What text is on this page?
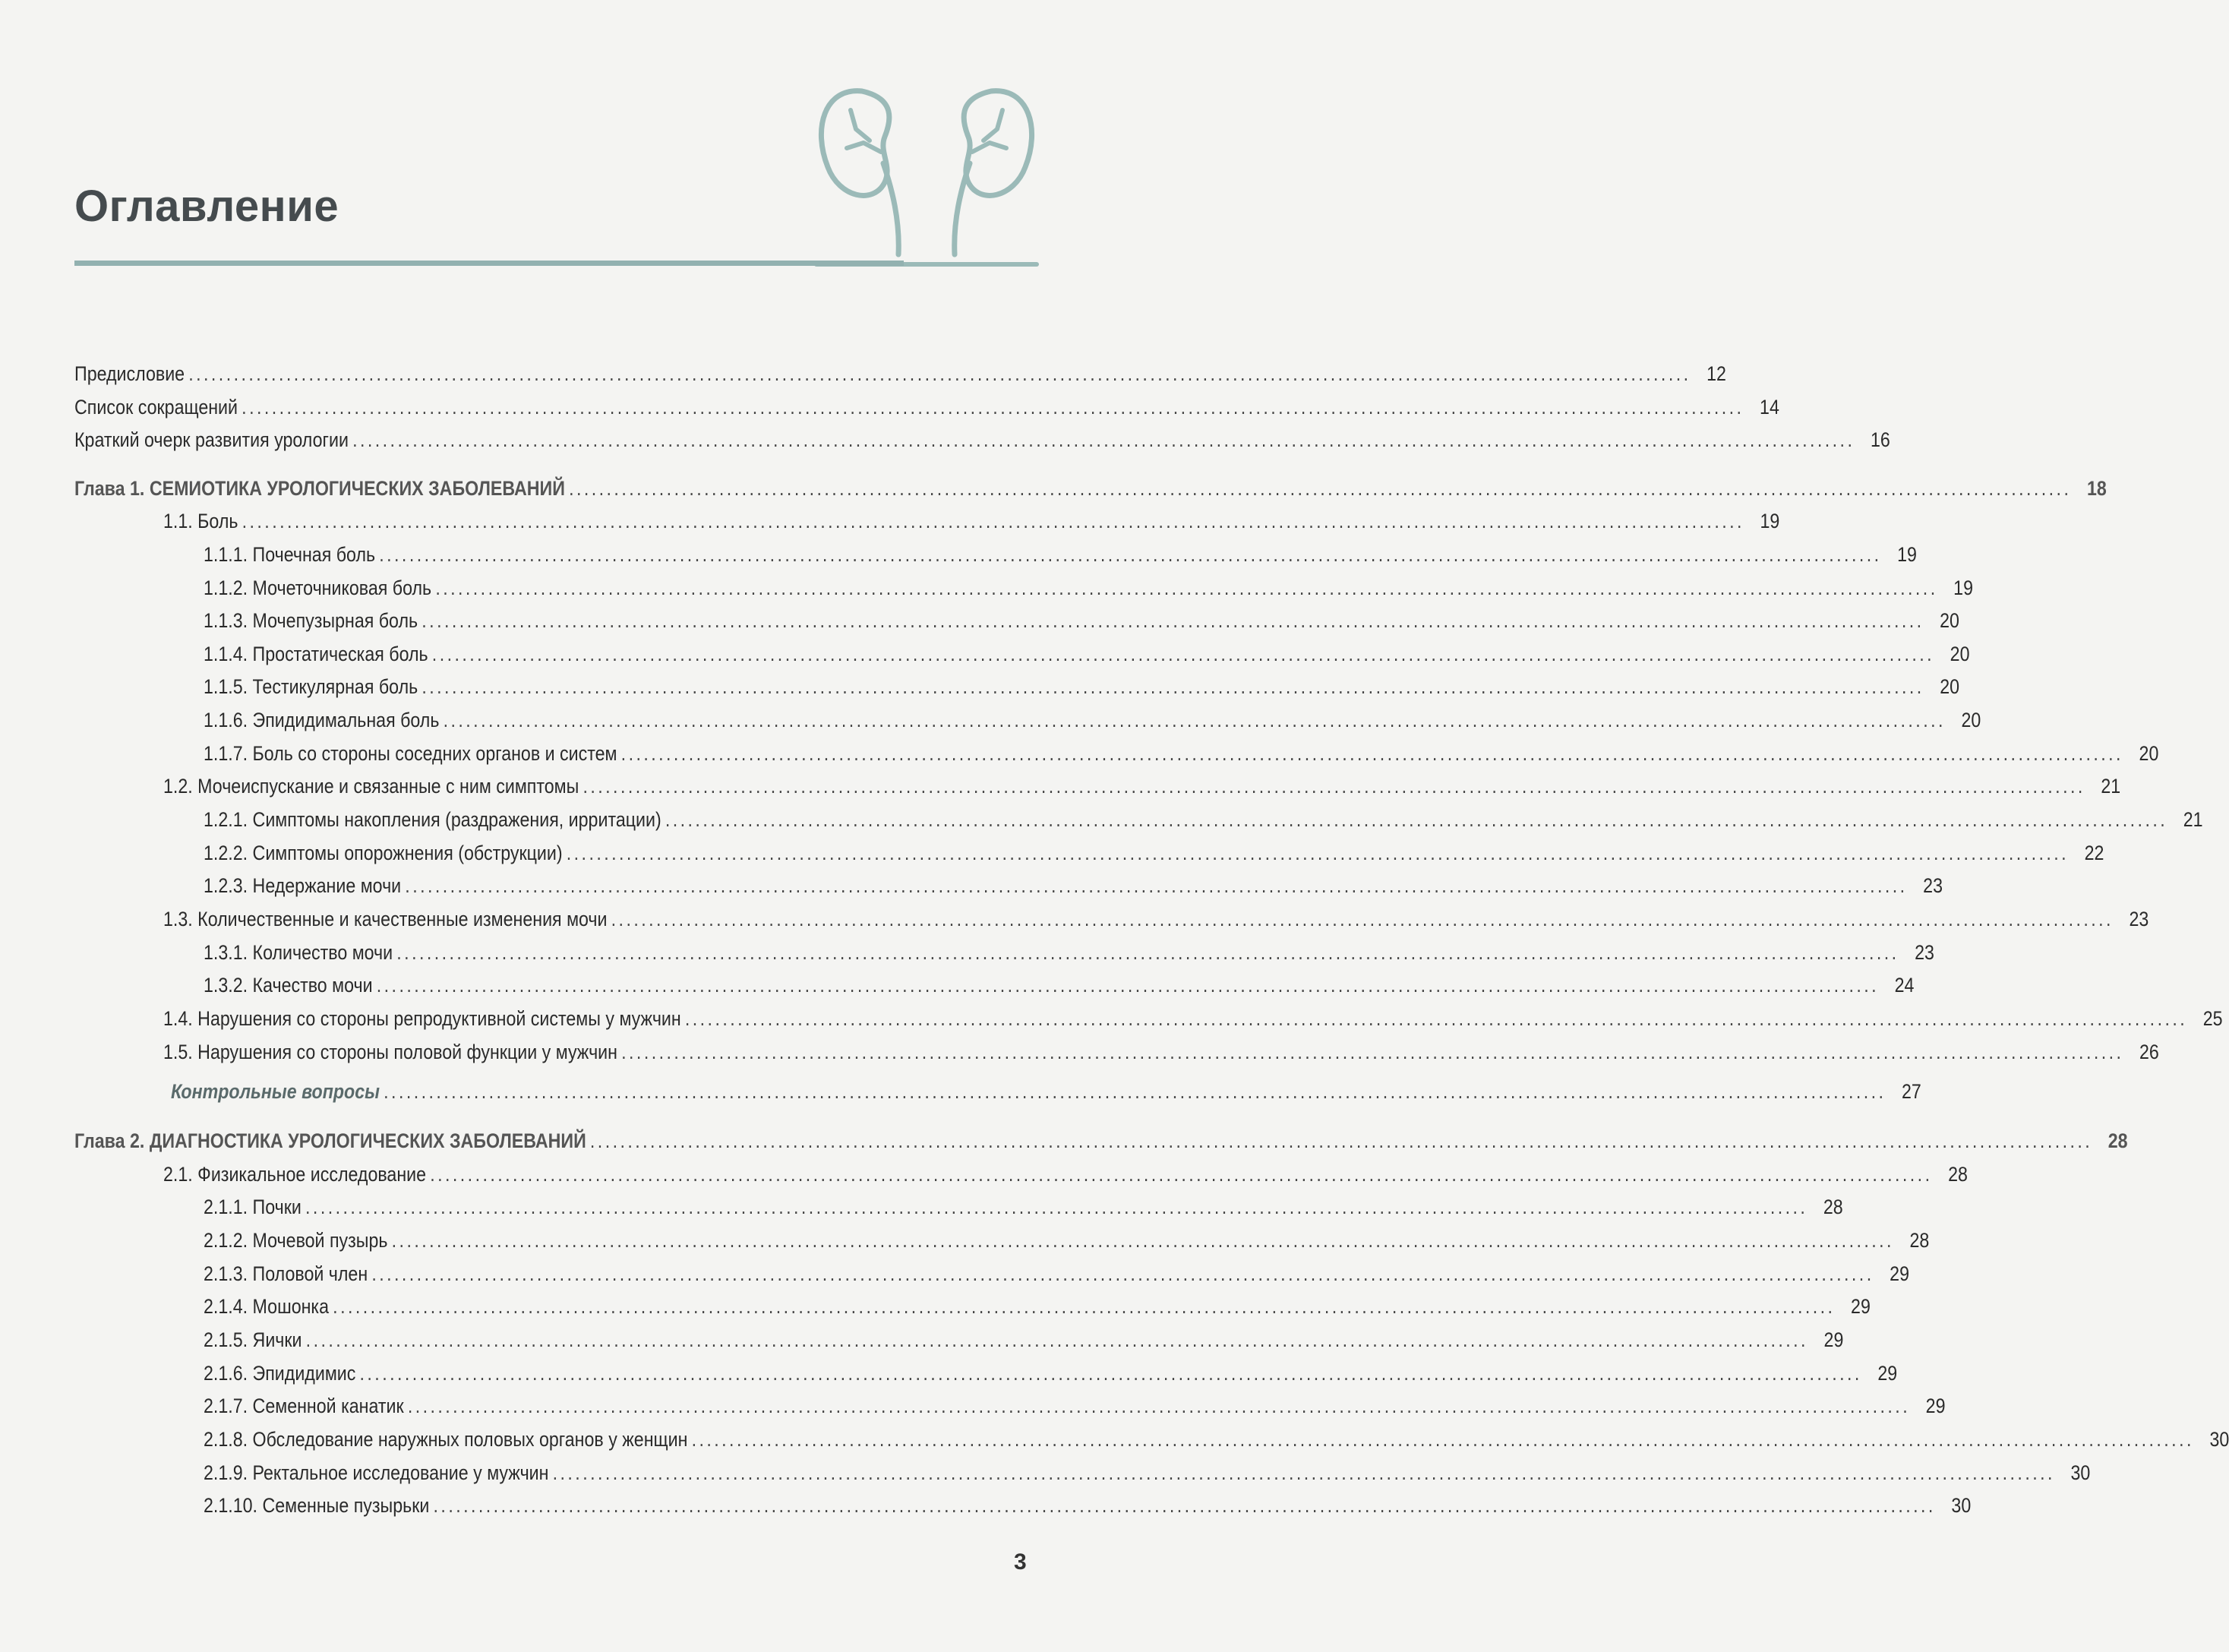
Оглавление
Предисловие ........................................................................................................................................................................................................ 12
Список сокращений ........................................................................................................................................................................................................ 14
Краткий очерк развития урологии ........................................................................................................................................................................................................ 16
Глава 1. СЕМИОТИКА УРОЛОГИЧЕСКИХ ЗАБОЛЕВАНИЙ ........................................................................................................................................................................................................ 18
1.1. Боль ........................................................................................................................................................................................................ 19
1.1.1. Почечная боль ........................................................................................................................................................................................................ 19
1.1.2. Мочеточниковая боль ........................................................................................................................................................................................................ 19
1.1.3. Мочепузырная боль ........................................................................................................................................................................................................ 20
1.1.4. Простатическая боль ........................................................................................................................................................................................................ 20
1.1.5. Тестикулярная боль ........................................................................................................................................................................................................ 20
1.1.6. Эпидидимальная боль ........................................................................................................................................................................................................ 20
1.1.7. Боль со стороны соседних органов и систем ........................................................................................................................................................................................................ 20
1.2. Мочеиспускание и связанные с ним симптомы ........................................................................................................................................................................................................ 21
1.2.1. Симптомы накопления (раздражения, ирритации) ........................................................................................................................................................................................................ 21
1.2.2. Симптомы опорожнения (обструкции) ........................................................................................................................................................................................................ 22
1.2.3. Недержание мочи ........................................................................................................................................................................................................ 23
1.3. Количественные и качественные изменения мочи ........................................................................................................................................................................................................ 23
1.3.1. Количество мочи ........................................................................................................................................................................................................ 23
1.3.2. Качество мочи ........................................................................................................................................................................................................ 24
1.4. Нарушения со стороны репродуктивной системы у мужчин ........................................................................................................................................................................................................ 25
1.5. Нарушения со стороны половой функции у мужчин ........................................................................................................................................................................................................ 26
Контрольные вопросы ........................................................................................................................................................................................................ 27
Глава 2. ДИАГНОСТИКА УРОЛОГИЧЕСКИХ ЗАБОЛЕВАНИЙ ........................................................................................................................................................................................................ 28
2.1. Физикальное исследование ........................................................................................................................................................................................................ 28
2.1.1. Почки ........................................................................................................................................................................................................ 28
2.1.2. Мочевой пузырь ........................................................................................................................................................................................................ 28
2.1.3. Половой член ........................................................................................................................................................................................................ 29
2.1.4. Мошонка ........................................................................................................................................................................................................ 29
2.1.5. Яички ........................................................................................................................................................................................................ 29
2.1.6. Эпидидимис ........................................................................................................................................................................................................ 29
2.1.7. Семенной канатик ........................................................................................................................................................................................................ 29
2.1.8. Обследование наружных половых органов у женщин ........................................................................................................................................................................................................ 30
2.1.9. Ректальное исследование у мужчин ........................................................................................................................................................................................................ 30
2.1.10. Семенные пузырьки ........................................................................................................................................................................................................ 30
3
